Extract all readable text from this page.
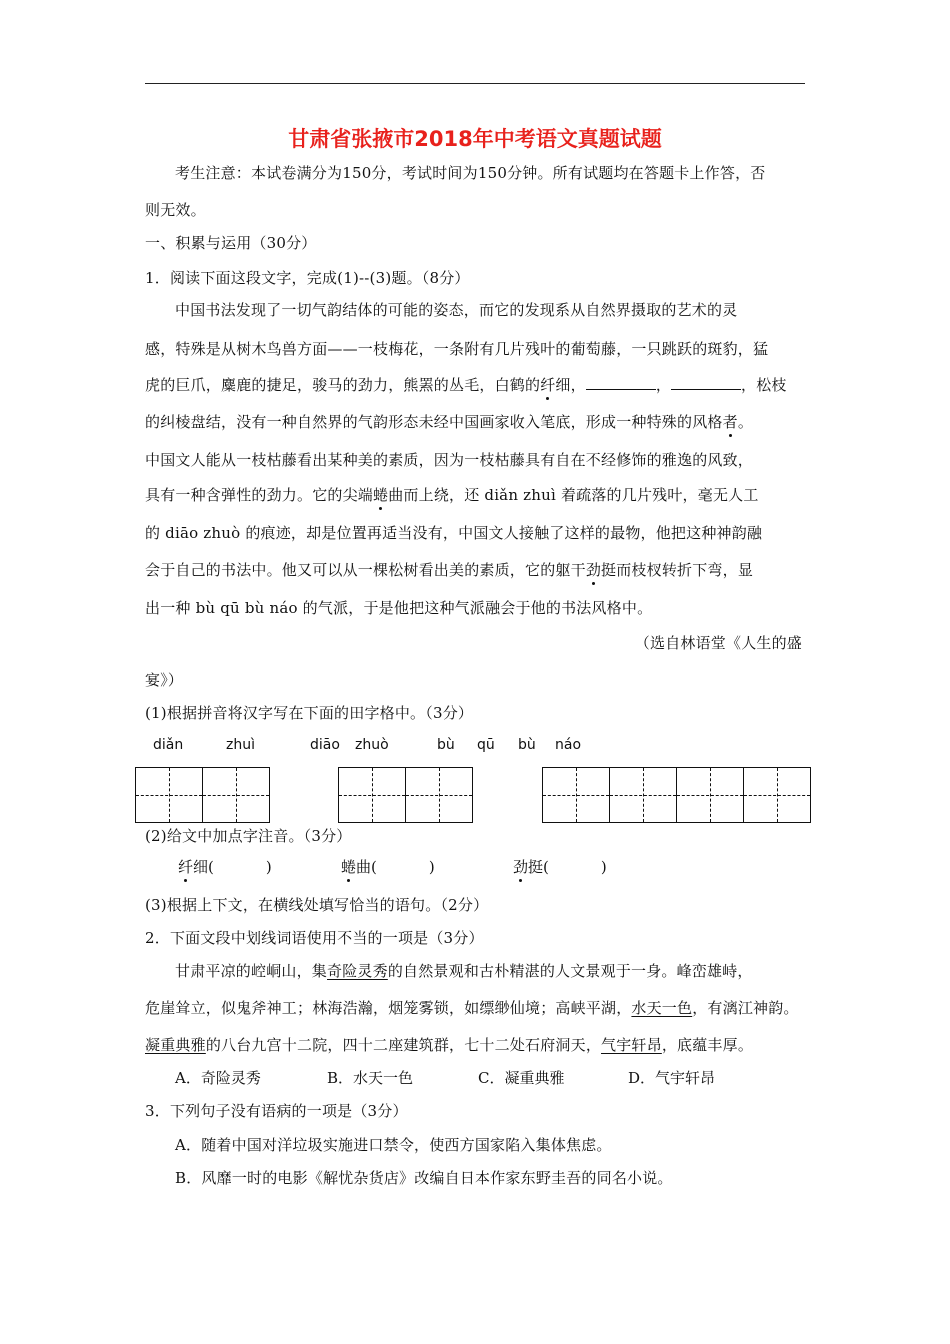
甘肃省张掖市2018年中考语文真题试题
考生注意：本试卷满分为150分，考试时间为150分钟。所有试题均在答题卡上作答，否
则无效。
一、积累与运用（30分）
1．阅读下面这段文字，完成(1)--(3)题。（8分）
中国书法发现了一切气韵结体的可能的姿态，而它的发现系从自然界摄取的艺术的灵
感，特殊是从树木鸟兽方面——一枝梅花，一条附有几片残叶的葡萄藤，一只跳跃的斑豹，猛
虎的巨爪，麋鹿的捷足，骏马的劲力，熊罴的丛毛，白鹤的纤细，	，	，松枝
的纠棱盘结，没有一种自然界的气韵形态未经中国画家收入笔底，形成一种特殊的风格者。
中国文人能从一枝枯藤看出某种美的素质，因为一枝枯藤具有自在不经修饰的雅逸的风致，
具有一种含弹性的劲力。它的尖端蜷曲而上绕，还 diǎn zhuì 着疏落的几片残叶，毫无人工
的 diāo zhuò 的痕迹，却是位置再适当没有，中国文人接触了这样的最物，他把这种神韵融
会于自己的书法中。他又可以从一棵松树看出美的素质，它的躯干劲挺而枝杈转折下弯，显
出一种 bù qū bù náo 的气派，于是他把这种气派融会于他的书法风格中。
（选自林语堂《人生的盛
宴》）
(1)根据拼音将汉字写在下面的田字格中。（3分）
diǎn	zhuì	diāo zhuò	bù qū bù náo
(2)给文中加点字注音。（3分）
纤细(	)	蜷曲(	)	劲挺(	)
(3)根据上下文，在横线处填写恰当的语句。（2分）
2．下面文段中划线词语使用不当的一项是（3分）
甘肃平凉的崆峒山，集奇险灵秀的自然景观和古朴精湛的人文景观于一身。峰峦雄峙，
危崖耸立，似鬼斧神工；林海浩瀚，烟笼雾锁，如缥缈仙境；高峡平湖，水天一色，有漓江神韵。
凝重典雅的八台九宫十二院，四十二座建筑群，七十二处石府洞天，气宇轩昂，底蕴丰厚。
A．奇险灵秀	B．水天一色	C．凝重典雅	D．气宇轩昂
3．下列句子没有语病的一项是（3分）
A．随着中国对洋垃圾实施进口禁令，使西方国家陷入集体焦虑。
B．风靡一时的电影《解忧杂货店》改编自日本作家东野圭吾的同名小说。
